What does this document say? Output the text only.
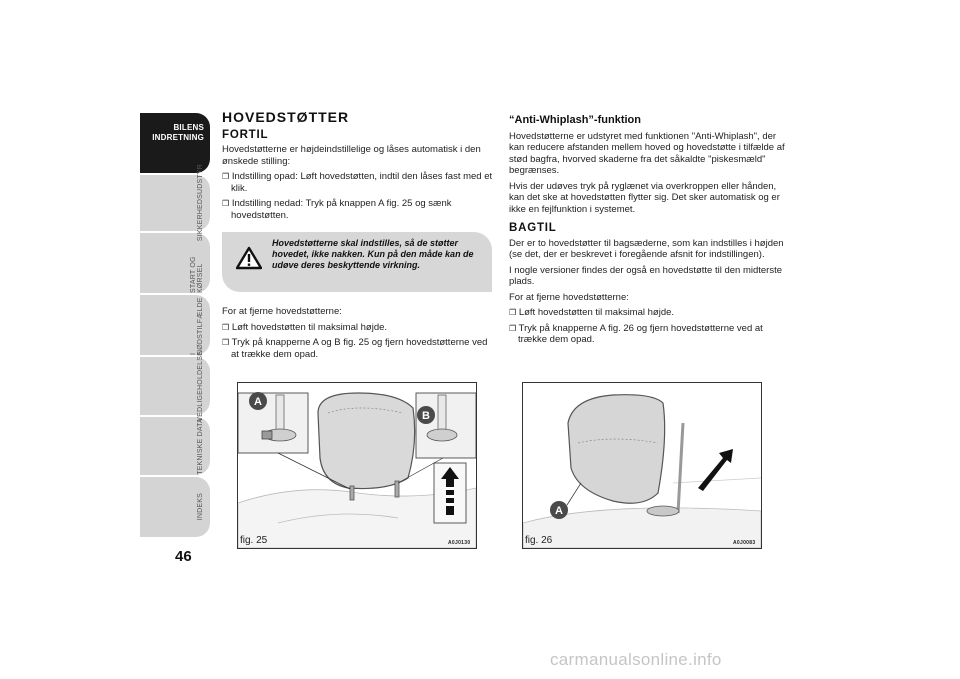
BILENS INDRETNING
SIKKERHEDSUDSTYR
START OG KØRSEL
I NØDSTILFÆLDE
VEDLIGEHOLDELSE
TEKNISKE DATA
INDEKS
46
HOVEDSTØTTER
FORTIL

Hovedstøtterne er højdeindstillelige og låses automatisk i den ønskede stilling:

❒ Indstilling opad: Løft hovedstøtten, indtil den låses fast med et klik.

❒ Indstilling nedad: Tryk på knappen A fig. 25 og sænk hovedstøtten.

Hovedstøtterne skal indstilles, så de støtter hovedet, ikke nakken. Kun på den måde kan de udøve deres beskyttende virkning.

For at fjerne hovedstøtterne:

❒ Løft hovedstøtten til maksimal højde.

❒ Tryk på knapperne A og B fig. 25 og fjern hovedstøtterne ved at trække dem opad.

“Anti-Whiplash”-funktion

Hovedstøtterne er udstyret med funktionen "Anti-Whiplash", der kan reducere afstanden mellem hoved og hovedstøtte i tilfælde af stød bagfra, hvorved skaderne fra det såkaldte "piskesmæld" begrænses.

Hvis der udøves tryk på ryglænet via overkroppen eller hånden, kan det ske at hovedstøtten flytter sig. Det sker automatisk og er ikke en fejlfunktion i systemet.

BAGTIL

Der er to hovedstøtter til bagsæderne, som kan indstilles i højden (se det, der er beskrevet i foregående afsnit for indstillingen).

I nogle versioner findes der også en hovedstøtte til den midterste plads.

For at fjerne hovedstøtterne:

❒ Løft hovedstøtten til maksimal højde.

❒ Tryk på knapperne A fig. 26 og fjern hovedstøtterne ved at trække dem opad.

A
B
fig. 25	A0J0130
A
fig. 26	A0J0083
carmanualsonline.info
